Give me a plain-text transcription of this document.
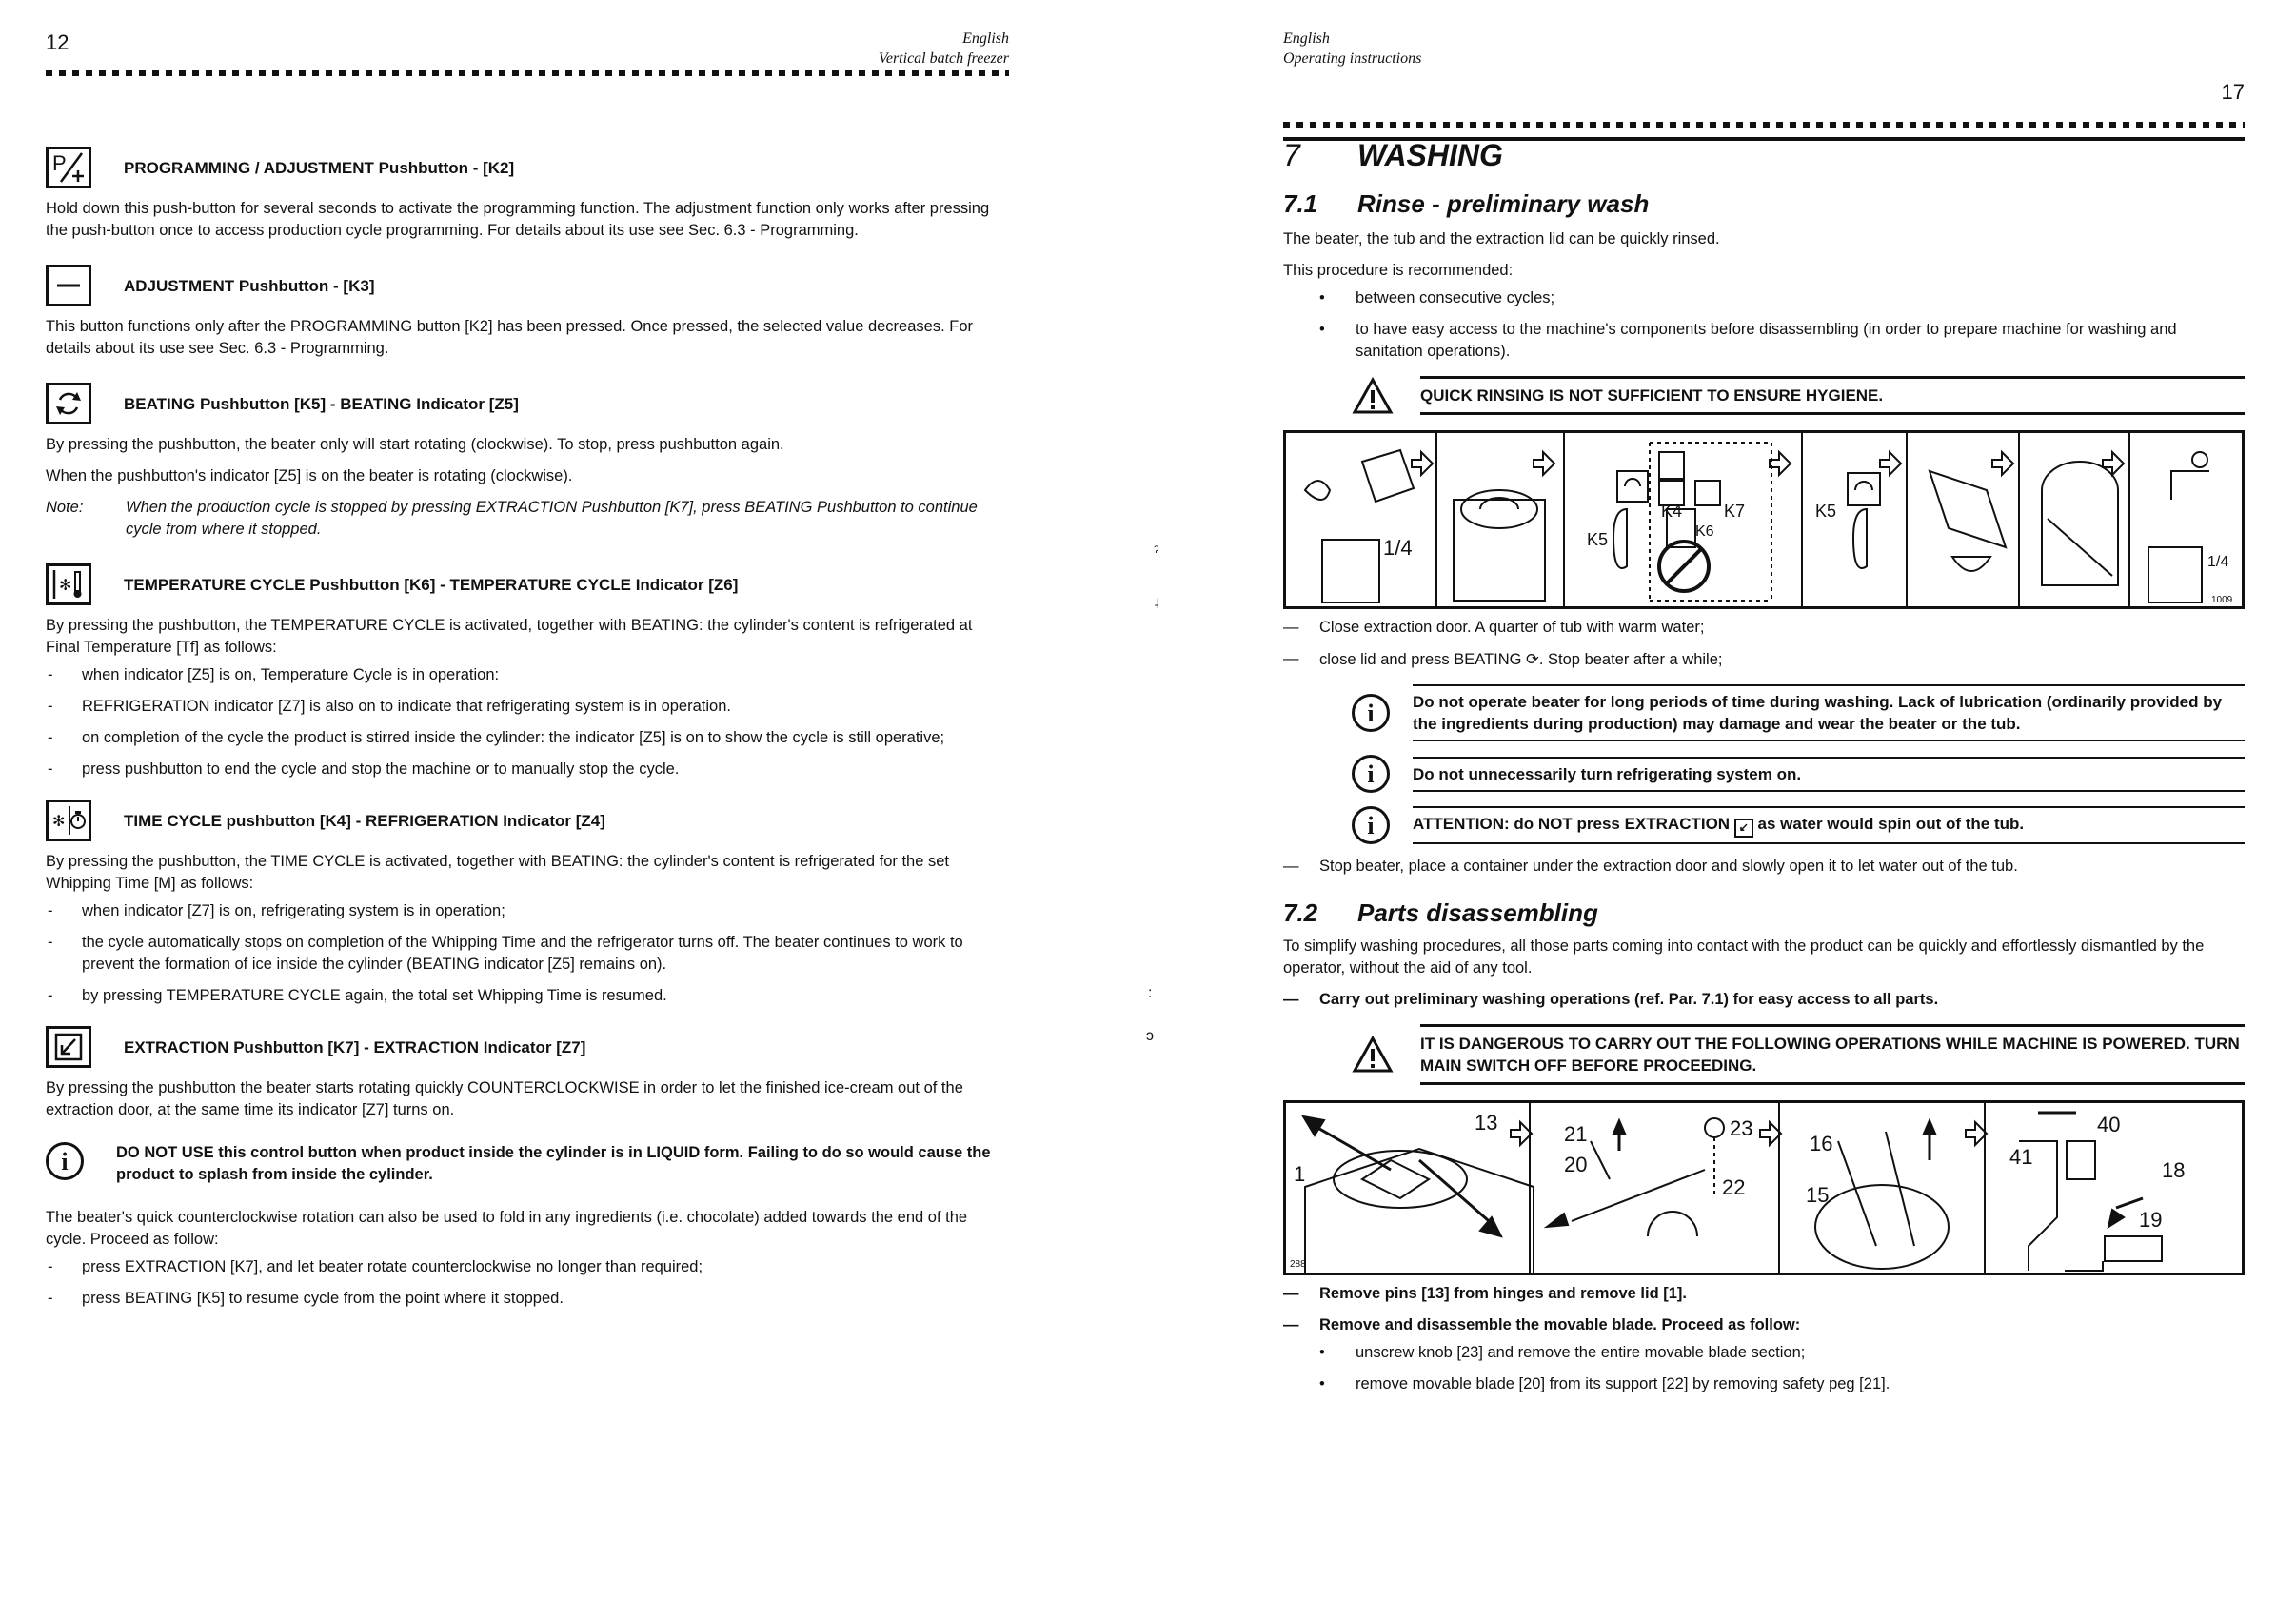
12	English
Vertical batch freezer
P	PROGRAMMING / ADJUSTMENT Pushbutton - [K2]

Hold down this push-button for several seconds to activate the programming function. The adjustment function only works after pressing the push-button once to access production cycle programming. For details about its use see Sec. 6.3 - Programming.

ADJUSTMENT Pushbutton - [K3]

This button functions only after the PROGRAMMING button [K2] has been pressed. Once pressed, the selected value decreases. For details about its use see Sec. 6.3 - Programming.

BEATING Pushbutton [K5] - BEATING Indicator [Z5]

By pressing the pushbutton, the beater only will start rotating (clockwise). To stop, press pushbutton again.

When the pushbutton's indicator [Z5] is on the beater is rotating (clockwise).

Note:	When the production cycle is stopped by pressing EXTRACTION Pushbutton [K7], press BEATING Pushbutton to continue cycle from where it stopped.
✻	TEMPERATURE CYCLE Pushbutton [K6] - TEMPERATURE CYCLE Indicator [Z6]

By pressing the pushbutton, the TEMPERATURE CYCLE is activated, together with BEATING: the cylinder's content is refrigerated at Final Temperature [Tf] as follows:

- when indicator [Z5] is on, Temperature Cycle is in operation:
- REFRIGERATION indicator [Z7] is also on to indicate that refrigerating system is in operation.
- on completion of the cycle the product is stirred inside the cylinder: the indicator [Z5] is on to show the cycle is still operative;
- press pushbutton to end the cycle and stop the machine or to manually stop the cycle.
✻	TIME CYCLE pushbutton [K4] - REFRIGERATION Indicator [Z4]

By pressing the pushbutton, the TIME CYCLE is activated, together with BEATING: the cylinder's content is refrigerated for the set Whipping Time [M] as follows:

- when indicator [Z7] is on, refrigerating system is in operation;
- the cycle automatically stops on completion of the Whipping Time and the refrigerator turns off. The beater continues to work to prevent the formation of ice inside the cylinder (BEATING indicator [Z5] remains on).
- by pressing TEMPERATURE CYCLE again, the total set Whipping Time is resumed.
EXTRACTION Pushbutton [K7] - EXTRACTION Indicator [Z7]

By pressing the pushbutton the beater starts rotating quickly COUNTERCLOCKWISE in order to let the finished ice-cream out of the extraction door, at the same time its indicator [Z7] turns on.

i	DO NOT USE this control button when product inside the cylinder is in LIQUID form. Failing to do so would cause the product to splash from inside the cylinder.

The beater's quick counterclockwise rotation can also be used to fold in any ingredients (i.e. chocolate) added towards the end of the cycle. Proceed as follow:

- press EXTRACTION [K7], and let beater rotate counterclockwise no longer than required;
- press BEATING [K5] to resume cycle from the point where it stopped.
ˀ
˨
˸
ɔ
English
Operating instructions
17
7	WASHING
7.1	Rinse - preliminary wash

The beater, the tub and the extraction lid can be quickly rinsed.

This procedure is recommended:

• between consecutive cycles;
• to have easy access to the machine's components before disassembling (in order to prepare machine for washing and sanitation operations).
QUICK RINSING IS NOT SUFFICIENT TO ENSURE HYGIENE.
1/4
K4
K5
K7
K6
K5
1/4
1009

— Close extraction door. A quarter of tub with warm water;

— close lid and press BEATING ⟳. Stop beater after a while;

i	Do not operate beater for long periods of time during washing. Lack of lubrication (ordinarily provided by the ingredients during production) may damage and wear the beater or the tub.
i	Do not unnecessarily turn refrigerating system on.
i	ATTENTION: do NOT press EXTRACTION ↙ as water would spin out of the tub.

— Stop beater, place a container under the extraction door and slowly open it to let water out of the tub.

7.2	Parts disassembling

To simplify washing procedures, all those parts coming into contact with the product can be quickly and effortlessly dismantled by the operator, without the aid of any tool.

— Carry out preliminary washing operations (ref. Par. 7.1) for easy access to all parts.

IT IS DANGEROUS TO CARRY OUT THE FOLLOWING OPERATIONS WHILE MACHINE IS POWERED. TURN MAIN SWITCH OFF BEFORE PROCEEDING.
1
13	21
20
23
22
16
15
40
41
18
19
288

— Remove pins [13] from hinges and remove lid [1].

— Remove and disassemble the movable blade. Proceed as follow:

• unscrew knob [23] and remove the entire movable blade section;
• remove movable blade [20] from its support [22] by removing safety peg [21].
